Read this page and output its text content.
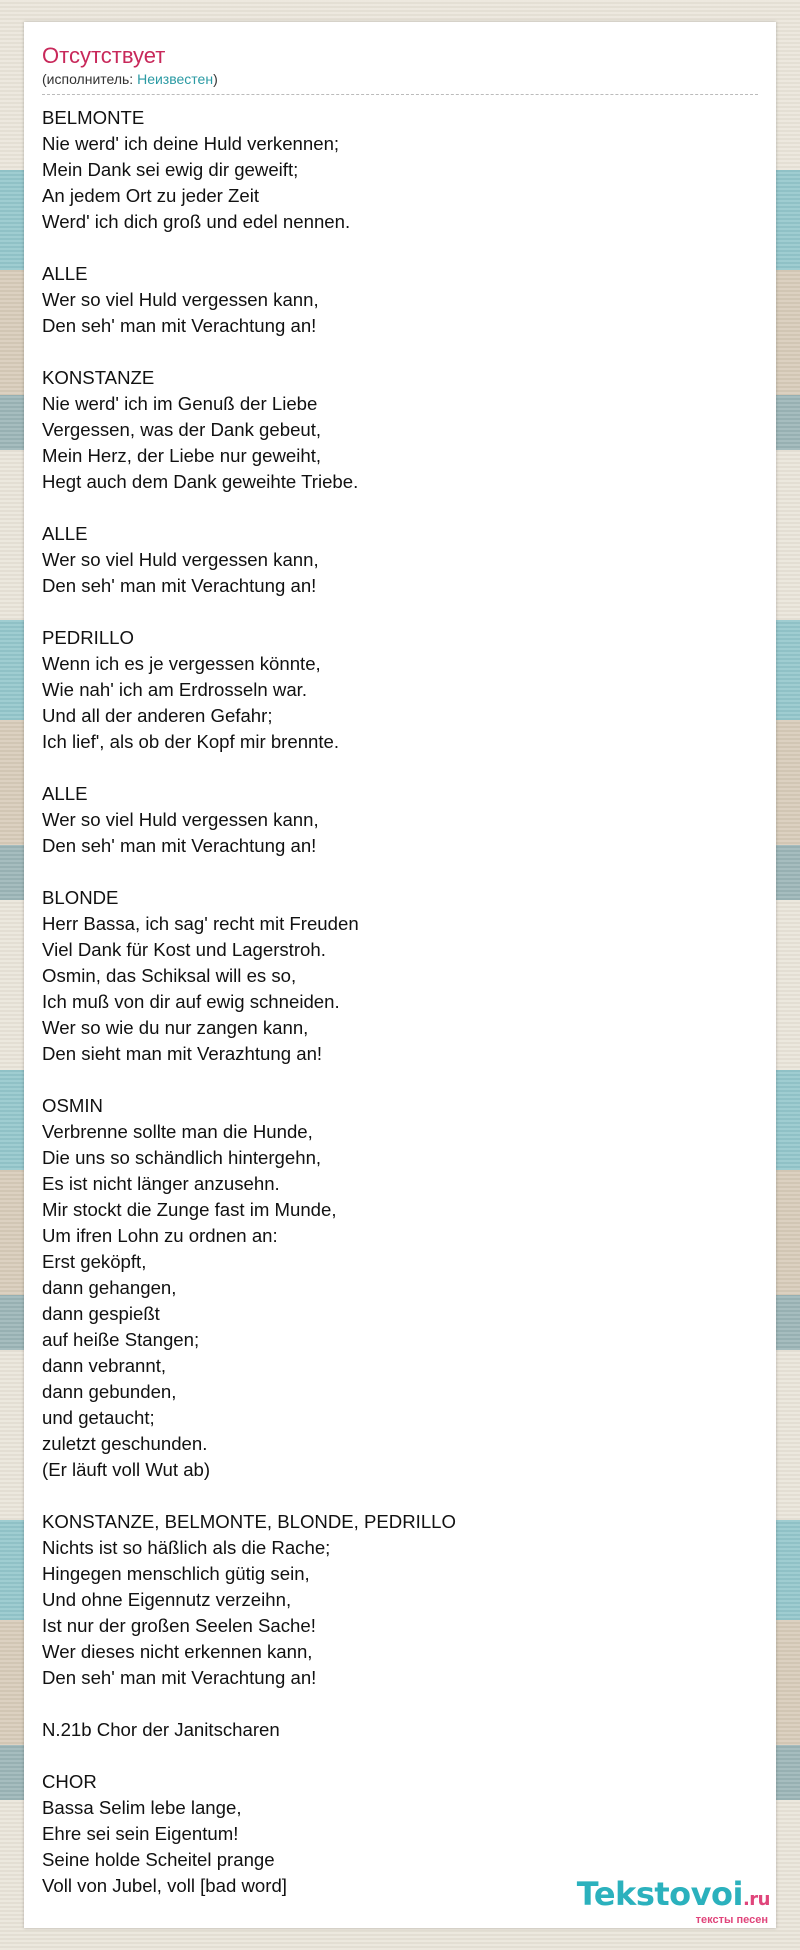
Отсутствует
(исполнитель: Неизвестен)
BELMONTE
Nie werd' ich deine Huld verkennen;
Mein Dank sei ewig dir geweift;
An jedem Ort zu jeder Zeit
Werd' ich dich groß und edel nennen.
ALLE
Wer so viel Huld vergessen kann,
Den seh' man mit Verachtung an!
KONSTANZE
Nie werd' ich im Genuß der Liebe
Vergessen, was der Dank gebeut,
Mein Herz, der Liebe nur geweiht,
Hegt auch dem Dank geweihte Triebe.
ALLE
Wer so viel Huld vergessen kann,
Den seh' man mit Verachtung an!
PEDRILLO
Wenn ich es je vergessen könnte,
Wie nah' ich am Erdrosseln war.
Und all der anderen Gefahr;
Ich lief', als ob der Kopf mir brennte.
ALLE
Wer so viel Huld vergessen kann,
Den seh' man mit Verachtung an!
BLONDE
Herr Bassa, ich sag' recht mit Freuden
Viel Dank für Kost und Lagerstroh.
Osmin, das Schiksal will es so,
Ich muß von dir auf ewig schneiden.
Wer so wie du nur zangen kann,
Den sieht man mit Verazhtung an!
OSMIN
Verbrenne sollte man die Hunde,
Die uns so schändlich hintergehn,
Es ist nicht länger anzusehn.
Mir stockt die Zunge fast im Munde,
Um ifren Lohn zu ordnen an:
Erst geköpft,
dann gehangen,
dann gespießt
auf heiße Stangen;
dann vebrannt,
dann gebunden,
und getaucht;
zuletzt geschunden.
(Er läuft voll Wut ab)
KONSTANZE, BELMONTE, BLONDE, PEDRILLO
Nichts ist so häßlich als die Rache;
Hingegen menschlich gütig sein,
Und ohne Eigennutz verzeihn,
Ist nur der großen Seelen Sache!
Wer dieses nicht erkennen kann,
Den seh' man mit Verachtung an!
N.21b Chor der Janitscharen
CHOR
Bassa Selim lebe lange,
Ehre sei sein Eigentum!
Seine holde Scheitel prange
Voll von Jubel, voll [bad word]	Tekstovoi.ru
тексты песен
